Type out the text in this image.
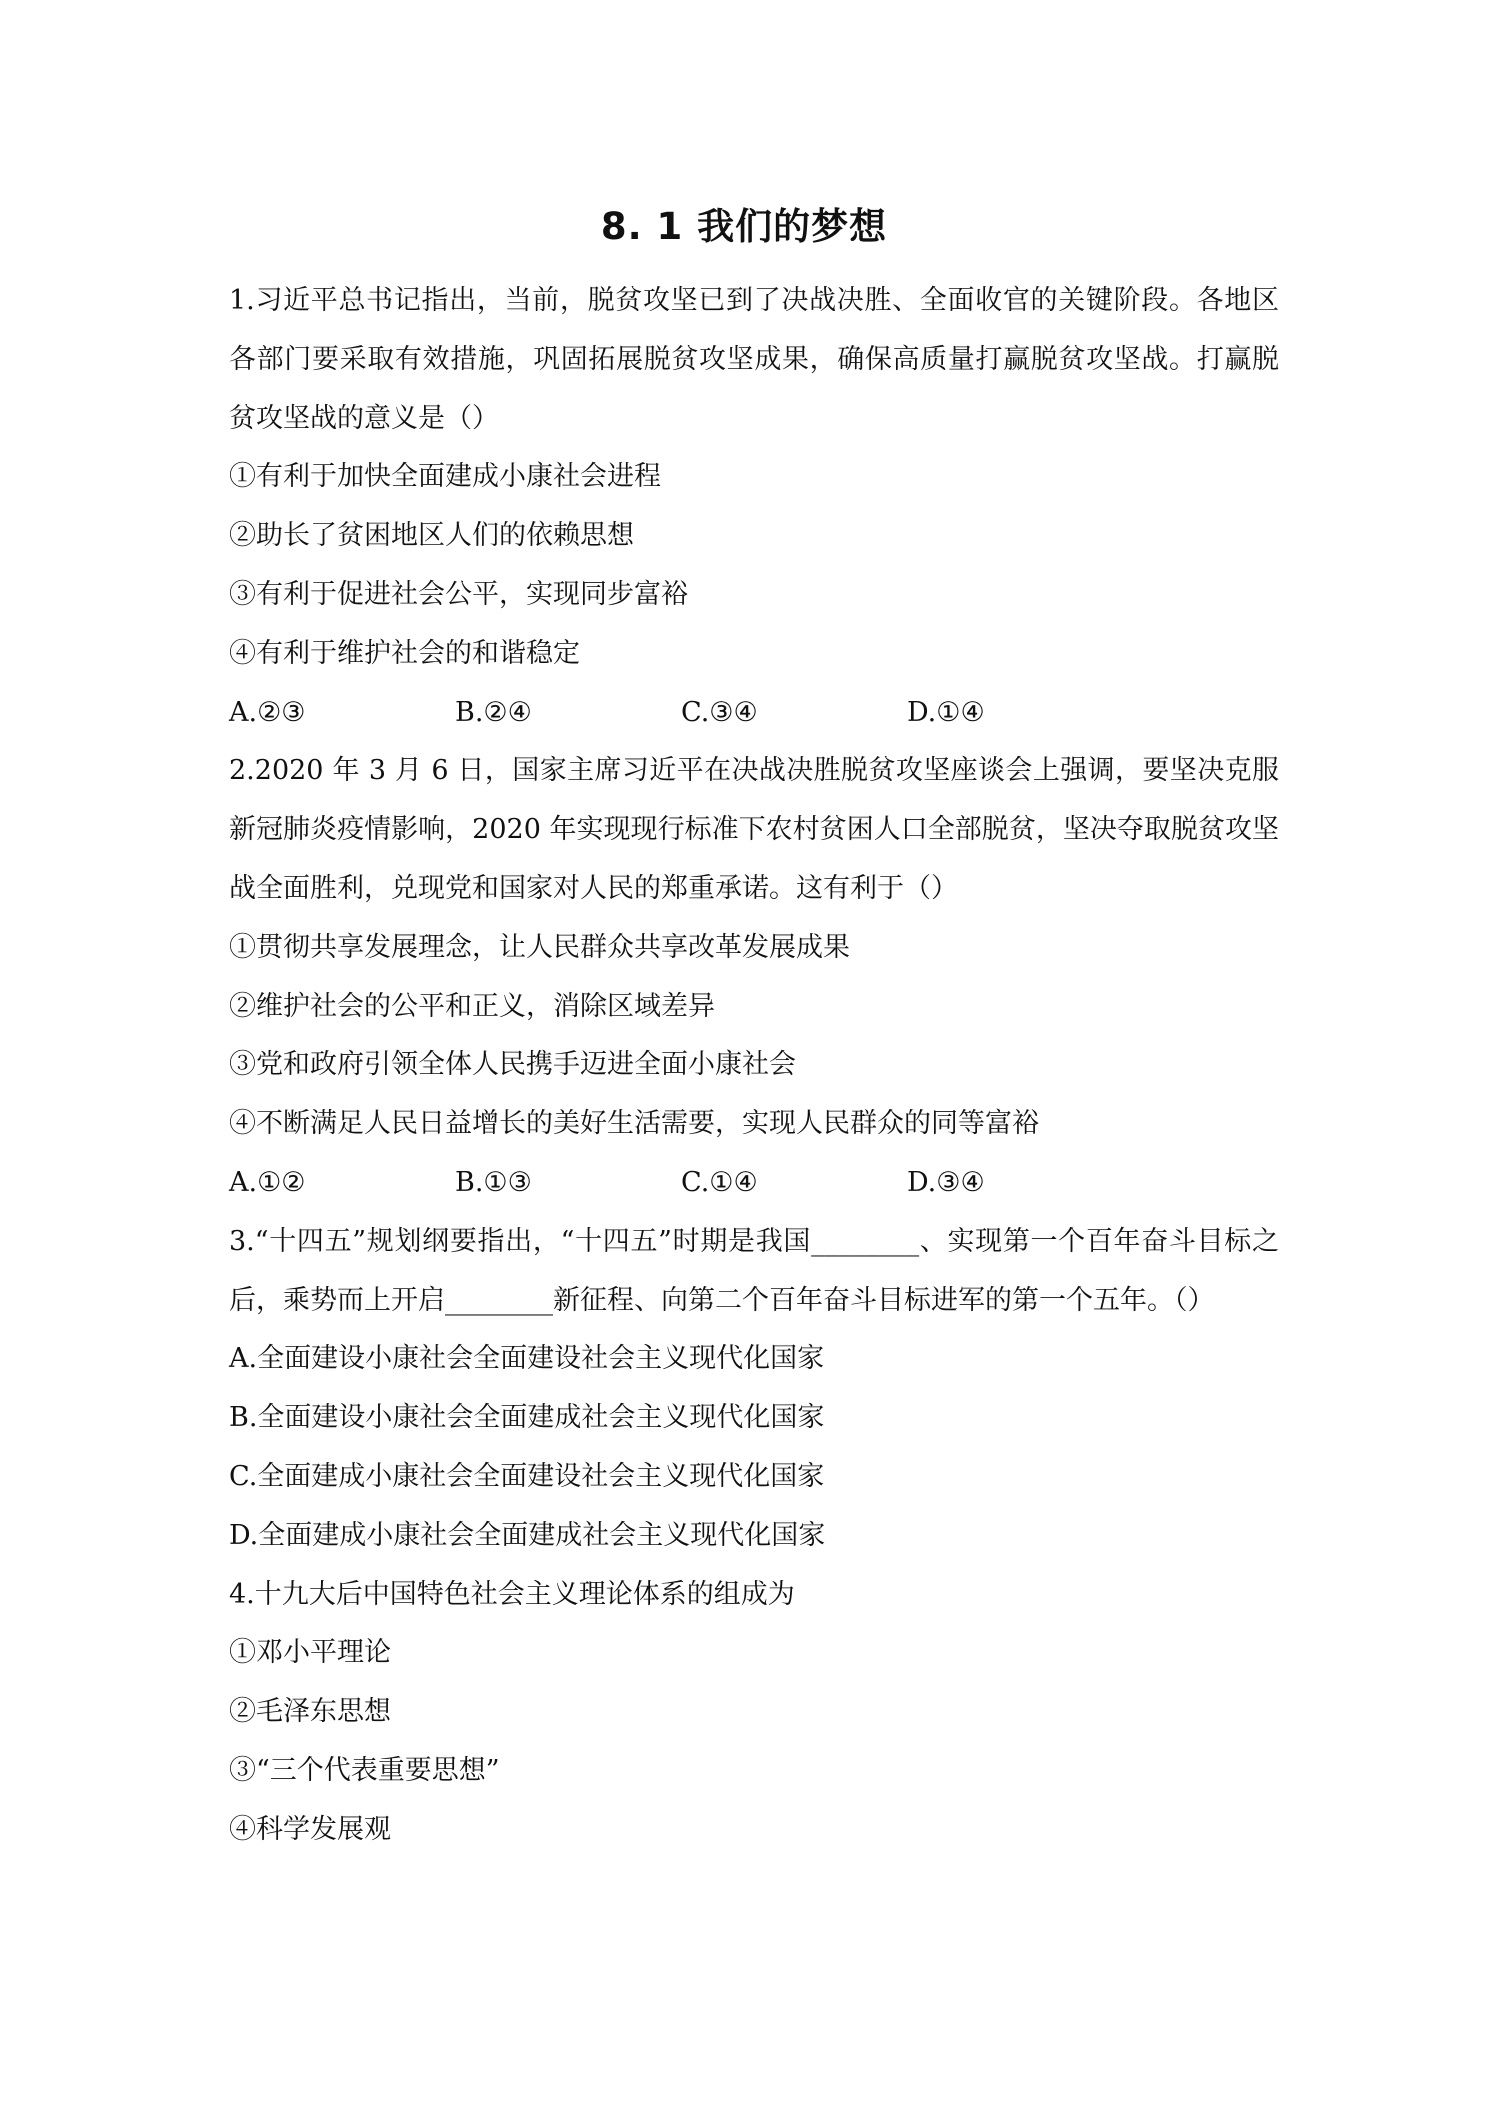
8. 1 我们的梦想

1.习近平总书记指出，当前，脱贫攻坚已到了决战决胜、全面收官的关键阶段。各地区各部门要采取有效措施，巩固拓展脱贫攻坚成果，确保高质量打赢脱贫攻坚战。打赢脱贫攻坚战的意义是（）

①有利于加快全面建成小康社会进程

②助长了贫困地区人们的依赖思想

③有利于促进社会公平，实现同步富裕

④有利于维护社会的和谐稳定

A.②③	B.②④	C.③④	D.①④

2.2020 年 3 月 6 日，国家主席习近平在决战决胜脱贫攻坚座谈会上强调，要坚决克服新冠肺炎疫情影响，2020 年实现现行标准下农村贫困人口全部脱贫，坚决夺取脱贫攻坚战全面胜利，兑现党和国家对人民的郑重承诺。这有利于（）

①贯彻共享发展理念，让人民群众共享改革发展成果

②维护社会的公平和正义，消除区域差异

③党和政府引领全体人民携手迈进全面小康社会

④不断满足人民日益增长的美好生活需要，实现人民群众的同等富裕

A.①②	B.①③	C.①④	D.③④

3.“十四五”规划纲要指出，“十四五”时期是我国________、实现第一个百年奋斗目标之后，乘势而上开启________新征程、向第二个百年奋斗目标进军的第一个五年。（）

A.全面建设小康社会全面建设社会主义现代化国家

B.全面建设小康社会全面建成社会主义现代化国家

C.全面建成小康社会全面建设社会主义现代化国家

D.全面建成小康社会全面建成社会主义现代化国家

4.十九大后中国特色社会主义理论体系的组成为

①邓小平理论

②毛泽东思想

③“三个代表重要思想”

④科学发展观
